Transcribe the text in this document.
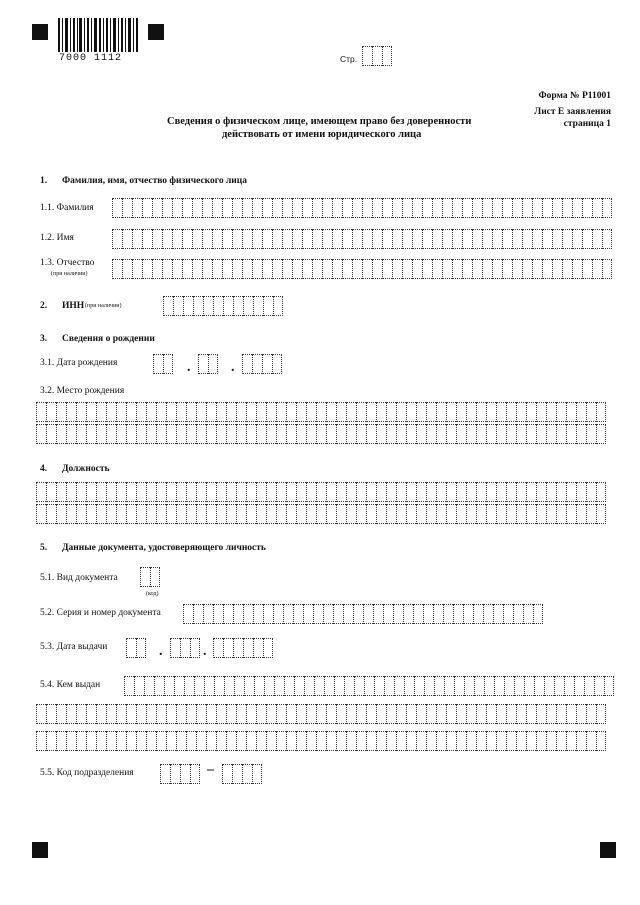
7000 1112	Стр.
Форма № Р11001
Лист Е заявления
страница 1
Сведения о физическом лице, имеющем право без доверенности
действовать от имени юридического лица
1. Фамилия, имя, отчество физического лица
1.1. Фамилия
1.2. Имя
1.3. Отчество
(при наличии)
2. ИНН (при наличии)
3. Сведения о рождении
3.1. Дата рождения	.	.
3.2. Место рождения
4. Должность
5. Данные документа, удостоверяющего личность
5.1. Вид документа
(код)
5.2. Серия и номер документа
5.3. Дата выдачи	.	.
5.4. Кем выдан
5.5. Код подразделения	–
